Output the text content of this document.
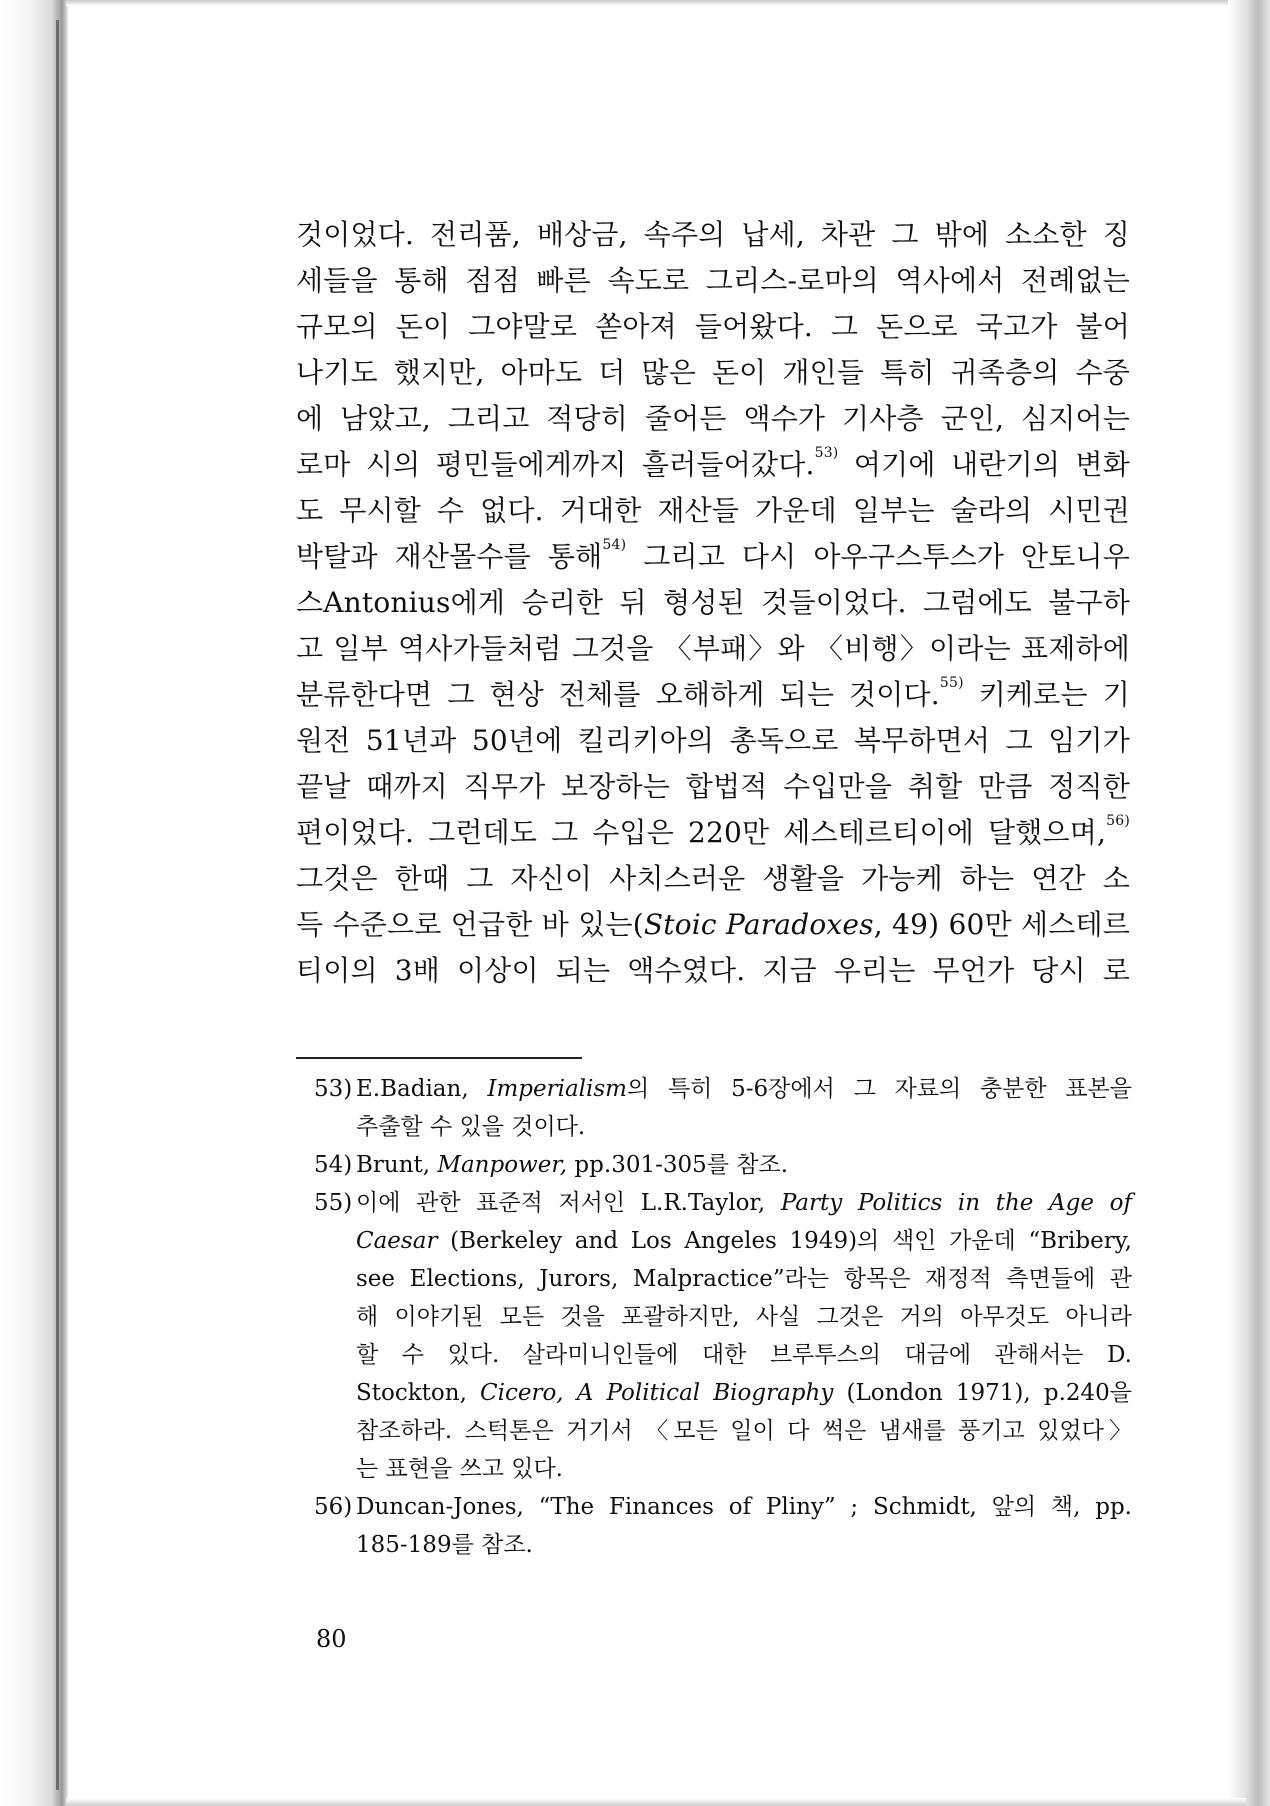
것이었다. 전리품, 배상금, 속주의 납세, 차관 그 밖에 소소한 징
세들을 통해 점점 빠른 속도로 그리스-로마의 역사에서 전례없는
규모의 돈이 그야말로 쏟아져 들어왔다. 그 돈으로 국고가 불어
나기도 했지만, 아마도 더 많은 돈이 개인들 특히 귀족층의 수중
에 남았고, 그리고 적당히 줄어든 액수가 기사층 군인, 심지어는
로마 시의 평민들에게까지 흘러들어갔다.$^{53)}$ 여기에 내란기의 변화
도 무시할 수 없다. 거대한 재산들 가운데 일부는 술라의 시민권
박탈과 재산몰수를 통해$^{54)}$ 그리고 다시 아우구스투스가 안토니우
스Antonius에게 승리한 뒤 형성된 것들이었다. 그럼에도 불구하
고 일부 역사가들처럼 그것을 〈부패〉와 〈비행〉이라는 표제하에
분류한다면 그 현상 전체를 오해하게 되는 것이다.$^{55)}$ 키케로는 기
원전 51년과 50년에 킬리키아의 총독으로 복무하면서 그 임기가
끝날 때까지 직무가 보장하는 합법적 수입만을 취할 만큼 정직한
편이었다. 그런데도 그 수입은 220만 세스테르티이에 달했으며,$^{56)}$
그것은 한때 그 자신이 사치스러운 생활을 가능케 하는 연간 소
득 수준으로 언급한 바 있는(Stoic Paradoxes, 49) 60만 세스테르
티이의 3배 이상이 되는 액수였다. 지금 우리는 무언가 당시 로
53) E.Badian, Imperialism의 특히 5-6장에서 그 자료의 충분한 표본을
추출할 수 있을 것이다.
54) Brunt, Manpower, pp.301-305를 참조.
55) 이에 관한 표준적 저서인 L.R.Taylor, Party Politics in the Age of
Caesar (Berkeley and Los Angeles 1949)의 색인 가운데 “Bribery,
see Elections, Jurors, Malpractice”라는 항목은 재정적 측면들에 관
해 이야기된 모든 것을 포괄하지만, 사실 그것은 거의 아무것도 아니라
할 수 있다. 살라미니인들에 대한 브루투스의 대금에 관해서는 D.
Stockton, Cicero, A Political Biography (London 1971), p.240을
참조하라. 스턱톤은 거기서 〈모든 일이 다 썩은 냄새를 풍기고 있었다〉
는 표현을 쓰고 있다.
56) Duncan-Jones, “The Finances of Pliny” ; Schmidt, 앞의 책, pp.
185-189를 참조.
80
